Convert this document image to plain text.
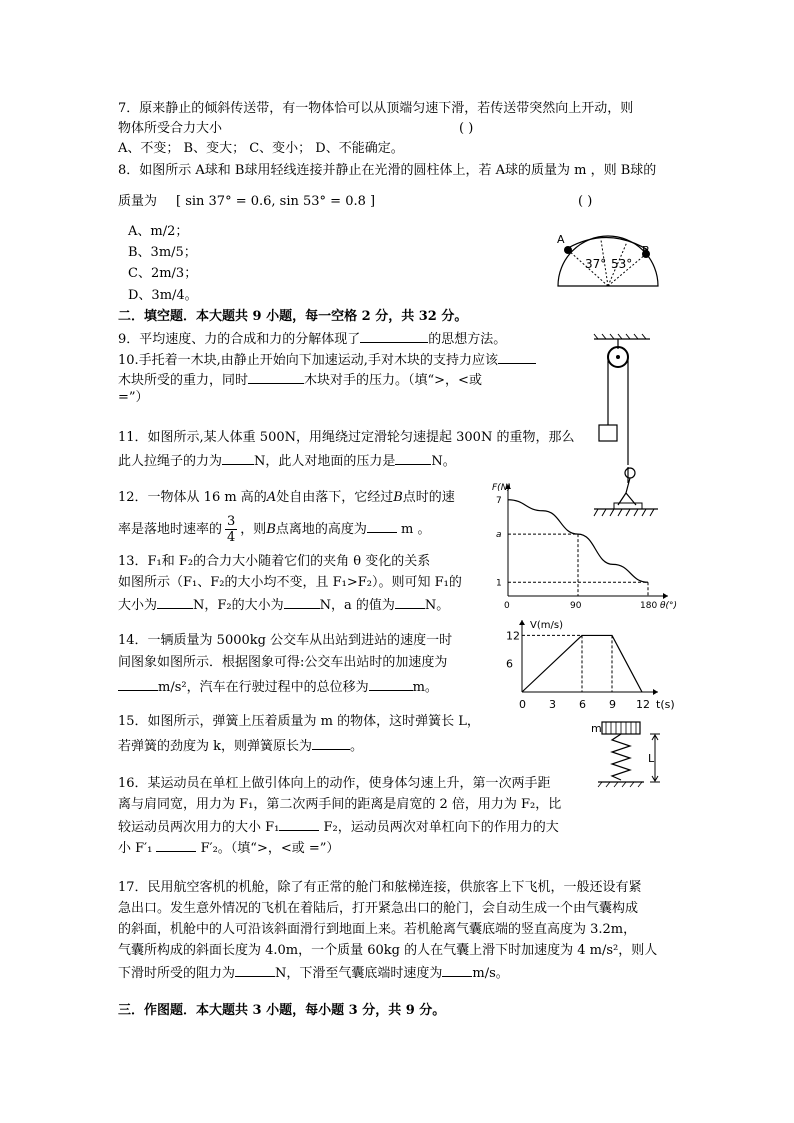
7．原来静止的倾斜传送带，有一物体恰可以从顶端匀速下滑，若传送带突然向上开动，则
物体所受合力大小	( )
A、不变； B、变大； C、变小； D、不能确定。
8．如图所示 A球和 B球用轻线连接并静止在光滑的圆柱体上，若 A球的质量为 m ，则 B球的
质量为 [ sin 37° = 0.6, sin 53° = 0.8 ]	( )
A、m/2；
B、3m/5；
C、2m/3；
D、3m/4。
A
B
37° 53°
二．填空题．本大题共 9 小题，每一空格 2 分，共 32 分。
9．平均速度、力的合成和力的分解体现了	的思想方法。
10.手托着一木块,由静止开始向下加速运动,手对木块的支持力应该
木块所受的重力，同时	木块对手的压力。（填“>，<或
=”）
11．如图所示,某人体重 500N，用绳绕过定滑轮匀速提起 300N 的重物，那么
此人拉绳子的力为 N，此人对地面的压力是	N。
12．一物体从 16 m 高的A处自由落下，它经过B点时的速
率是落地时速率的 $\frac{3}{4}$ ，则B点离地的高度为	m 。
13．F₁和 F₂的合力大小随着它们的夹角 θ 变化的关系
如图所示（F₁、F₂的大小均不变，且 F₁>F₂）。则可知 F₁的
大小为	N，F₂的大小为	N，a 的值为 N。
F(N)
θ(°)
7
a
1
0	90	180
14．一辆质量为 5000kg 公交车从出站到进站的速度一时
间图象如图所示．根据图象可得:公交车出站时的加速度为
m/s²，汽车在行驶过程中的总位移为	m。
V(m/s)
t(s)
12
6
0 3 6 9 12
15．如图所示，弹簧上压着质量为 m 的物体，这时弹簧长 L，
若弹簧的劲度为 k，则弹簧原长为	。
m
L
16．某运动员在单杠上做引体向上的动作，使身体匀速上升，第一次两手距
离与肩同宽，用力为 F₁，第二次两手间的距离是肩宽的 2 倍，用力为 F₂，比
较运动员两次用力的大小 F₁	F₂，运动员两次对单杠向下的作用力的大
小 F′₁	F′₂。（填“>，<或 =”）
17．民用航空客机的机舱，除了有正常的舱门和舷梯连接，供旅客上下飞机，一般还设有紧
急出口。发生意外情况的飞机在着陆后，打开紧急出口的舱门，会自动生成一个由气囊构成
的斜面，机舱中的人可沿该斜面滑行到地面上来。若机舱离气囊底端的竖直高度为 3.2m，
气囊所构成的斜面长度为 4.0m，一个质量 60kg 的人在气囊上滑下时加速度为 4 m/s²，则人
下滑时所受的阻力为	N，下滑至气囊底端时速度为 m/s。
三．作图题．本大题共 3 小题，每小题 3 分，共 9 分。
